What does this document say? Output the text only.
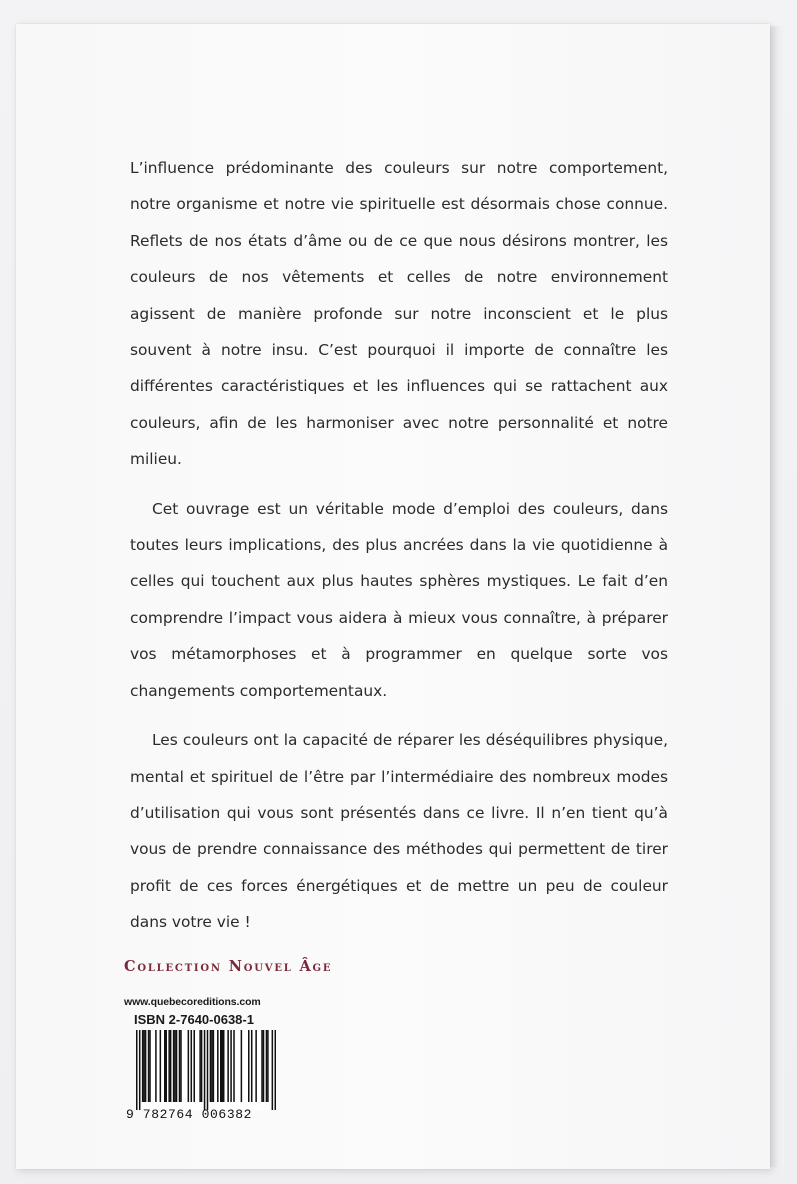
L’influence prédominante des couleurs sur notre comportement, notre organisme et notre vie spirituelle est désormais chose connue. Reflets de nos états d’âme ou de ce que nous désirons montrer, les couleurs de nos vêtements et celles de notre environnement agissent de manière profonde sur notre inconscient et le plus souvent à notre insu. C’est pourquoi il importe de connaître les différentes caractéristiques et les influences qui se rattachent aux couleurs, afin de les harmoniser avec notre personnalité et notre milieu.

Cet ouvrage est un véritable mode d’emploi des couleurs, dans toutes leurs implications, des plus ancrées dans la vie quotidienne à celles qui touchent aux plus hautes sphères mystiques. Le fait d’en comprendre l’impact vous aidera à mieux vous connaître, à préparer vos métamorphoses et à programmer en quelque sorte vos changements comportementaux.

Les couleurs ont la capacité de réparer les déséquilibres physique, mental et spirituel de l’être par l’intermédiaire des nombreux modes d’utilisation qui vous sont présentés dans ce livre. Il n’en tient qu’à vous de prendre connaissance des méthodes qui permettent de tirer profit de ces forces énergétiques et de mettre un peu de couleur dans votre vie !

Collection Nouvel Âge

www.quebecoreditions.com
ISBN 2-7640-0638-1
9 782764 006382
